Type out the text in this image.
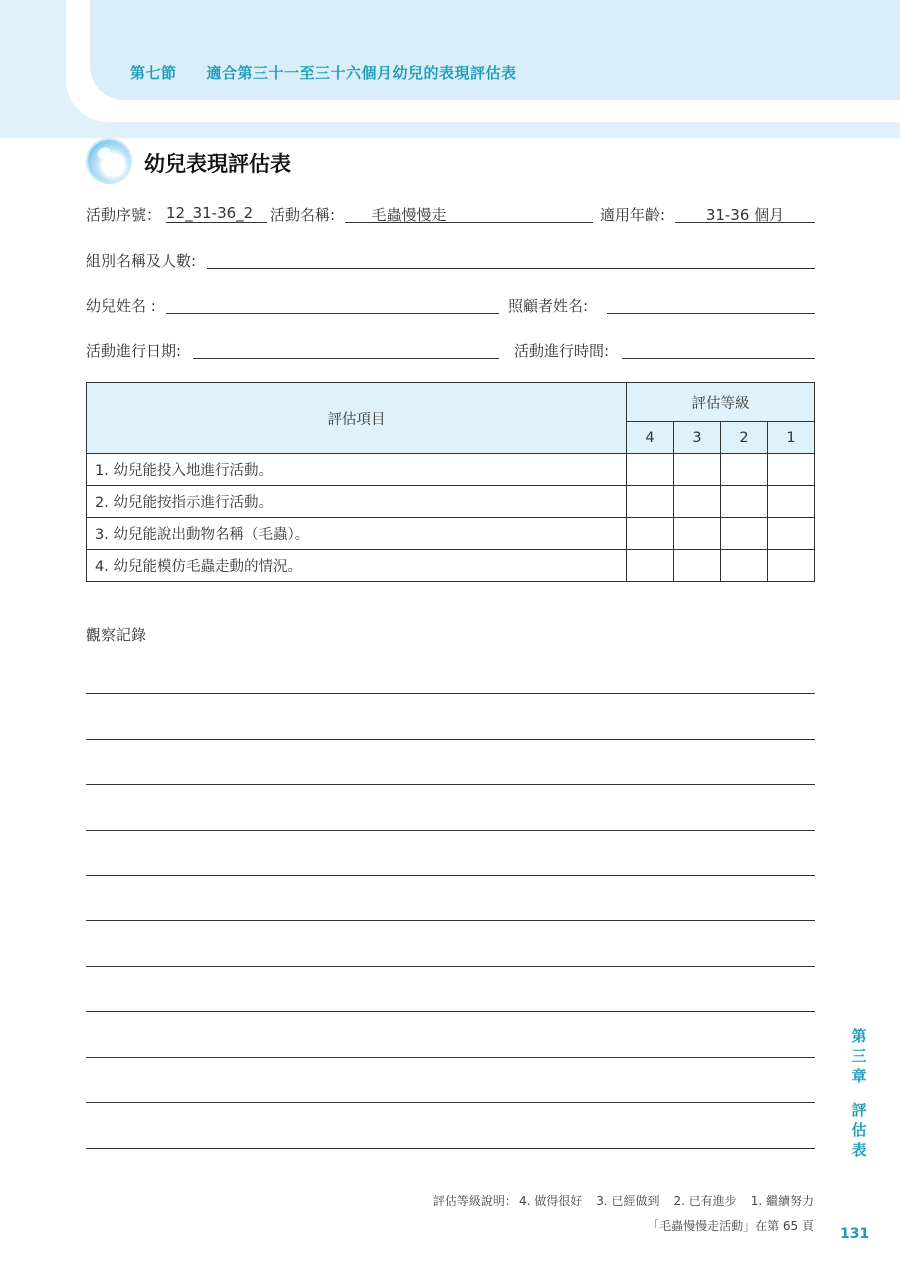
第七節 適合第三十一至三十六個月幼兒的表現評估表
幼兒表現評估表
活動序號： 12_31-36_2	活動名稱:	毛蟲慢慢走	適用年齡:	31-36 個月
組別名稱及人數:
幼兒姓名 :	照顧者姓名:
活動進行日期:	活動進行時間:
評估項目	評估等級			
	4	3	2	1
1. 幼兒能投入地進行活動。				
2. 幼兒能按指示進行活動。				
3. 幼兒能說出動物名稱（毛蟲）。				
4. 幼兒能模仿毛蟲走動的情況。				
觀察記錄
第
三
章
評
估
表
評估等級說明： 4. 做得很好 3. 已經做到 2. 已有進步 1. 繼續努力
「毛蟲慢慢走活動」在第 65 頁 131
